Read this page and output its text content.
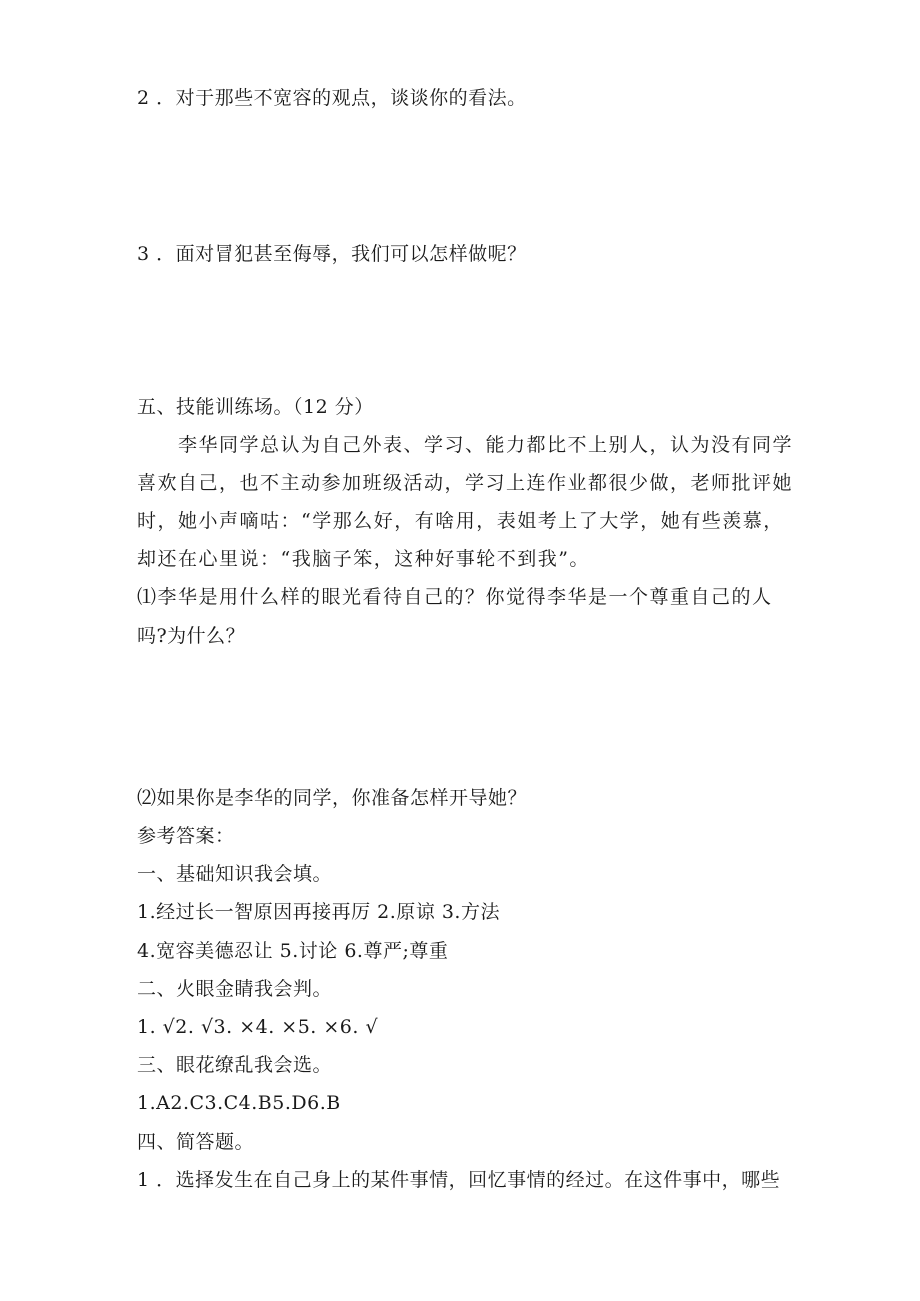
2 ．对于那些不宽容的观点，谈谈你的看法。
3 ．面对冒犯甚至侮辱，我们可以怎样做呢？
五、技能训练场。（12 分）
李华同学总认为自己外表、学习、能力都比不上别人，认为没有同学
喜欢自己，也不主动参加班级活动，学习上连作业都很少做，老师批评她
时，她小声嘀咕：“学那么好，有啥用，表姐考上了大学，她有些羡慕，
却还在心里说：“我脑子笨，这种好事轮不到我”。
⑴李华是用什么样的眼光看待自己的？你觉得李华是一个尊重自己的人
吗?为什么？
⑵如果你是李华的同学，你准备怎样开导她？
参考答案：
一、基础知识我会填。
1.经过长一智原因再接再厉 2.原谅 3.方法
4.宽容美德忍让 5.讨论 6.尊严;尊重
二、火眼金睛我会判。
1. √2. √3. ×4. ×5. ×6. √
三、眼花缭乱我会选。
1.A2.C3.C4.B5.D6.B
四、简答题。
1 ．选择发生在自己身上的某件事情，回忆事情的经过。在这件事中，哪些
